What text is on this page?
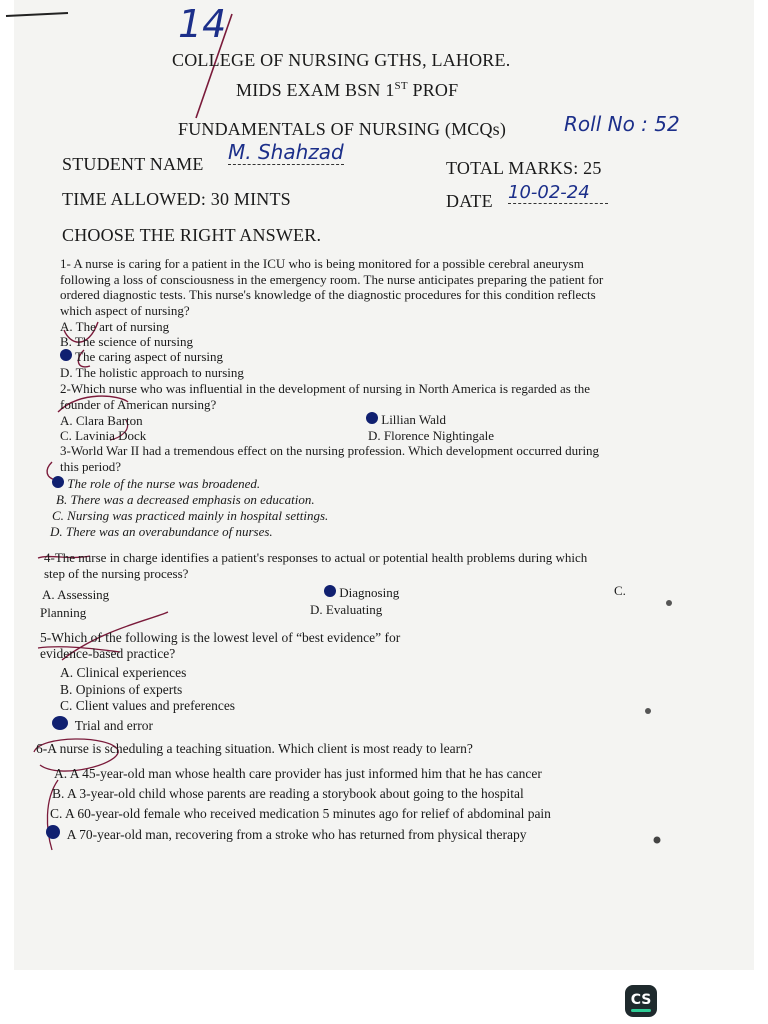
14
COLLEGE OF NURSING GTHS, LAHORE.
MIDS EXAM BSN 1ST PROF
FUNDAMENTALS OF NURSING (MCQs)	Roll No : 52
STUDENT NAME M. Shahzad
TOTAL MARKS: 25
TIME ALLOWED: 30 MINTS	DATE 10-02-24
CHOOSE THE RIGHT ANSWER.
1- A nurse is caring for a patient in the ICU who is being monitored for a possible cerebral aneurysm
following a loss of consciousness in the emergency room. The nurse anticipates preparing the patient for
ordered diagnostic tests. This nurse's knowledge of the diagnostic procedures for this condition reflects
which aspect of nursing?
A. The art of nursing
B. The science of nursing
The caring aspect of nursing
D. The holistic approach to nursing
2-Which nurse who was influential in the development of nursing in North America is regarded as the
founder of American nursing?
A. Clara Barton	Lillian Wald
C. Lavinia Dock	D. Florence Nightingale
3-World War II had a tremendous effect on the nursing profession. Which development occurred during
this period?
The role of the nurse was broadened.
B. There was a decreased emphasis on education.
C. Nursing was practiced mainly in hospital settings.
D. There was an overabundance of nurses.
4-The nurse in charge identifies a patient's responses to actual or potential health problems during which
step of the nursing process?
A. Assessing	Diagnosing	C.
Planning	D. Evaluating
5-Which of the following is the lowest level of “best evidence” for
evidence-based practice?
A. Clinical experiences
B. Opinions of experts
C. Client values and preferences
Trial and error
6-A nurse is scheduling a teaching situation. Which client is most ready to learn?
A. A 45-year-old man whose health care provider has just informed him that he has cancer
B. A 3-year-old child whose parents are reading a storybook about going to the hospital
C. A 60-year-old female who received medication 5 minutes ago for relief of abdominal pain
A 70-year-old man, recovering from a stroke who has returned from physical therapy
CS
